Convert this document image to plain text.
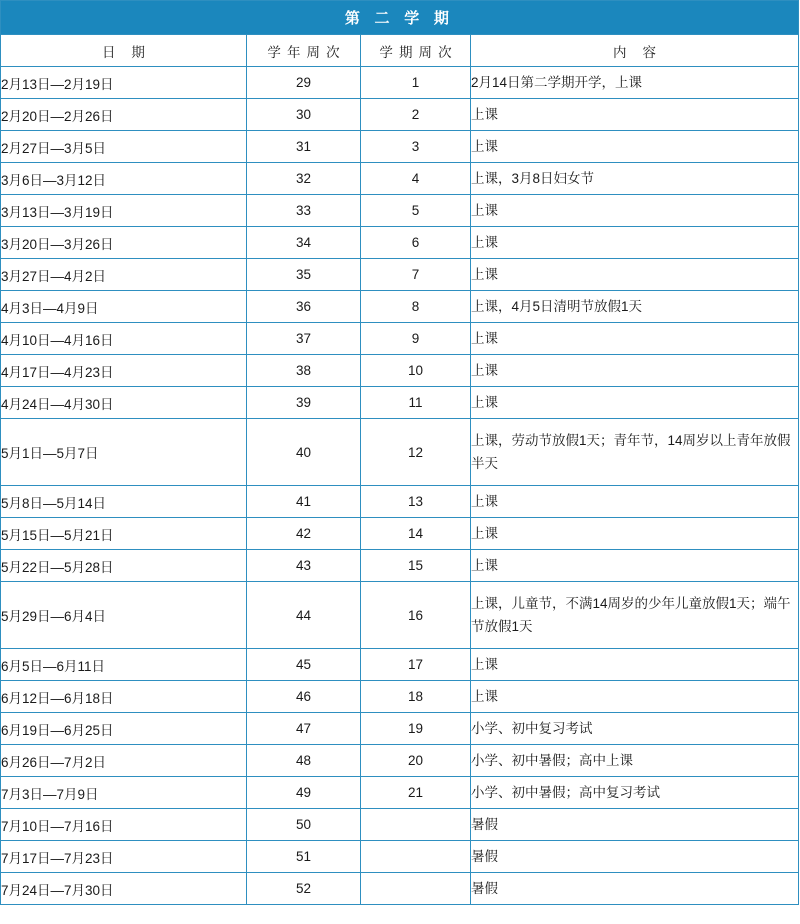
第 二 学 期			
日 期	学年周次	学期周次	内 容
2月13日—2月19日	29	1	2月14日第二学期开学，上课
2月20日—2月26日	30	2	上课
2月27日—3月5日	31	3	上课
3月6日—3月12日	32	4	上课，3月8日妇女节
3月13日—3月19日	33	5	上课
3月20日—3月26日	34	6	上课
3月27日—4月2日	35	7	上课
4月3日—4月9日	36	8	上课，4月5日清明节放假1天
4月10日—4月16日	37	9	上课
4月17日—4月23日	38	10	上课
4月24日—4月30日	39	11	上课
5月1日—5月7日	40	12	上课，劳动节放假1天；青年节，14周岁以上青年放假半天
5月8日—5月14日	41	13	上课
5月15日—5月21日	42	14	上课
5月22日—5月28日	43	15	上课
5月29日—6月4日	44	16	上课，儿童节，不满14周岁的少年儿童放假1天；端午节放假1天
6月5日—6月11日	45	17	上课
6月12日—6月18日	46	18	上课
6月19日—6月25日	47	19	小学、初中复习考试
6月26日—7月2日	48	20	小学、初中暑假；高中上课
7月3日—7月9日	49	21	小学、初中暑假；高中复习考试
7月10日—7月16日	50		暑假
7月17日—7月23日	51		暑假
7月24日—7月30日	52		暑假
